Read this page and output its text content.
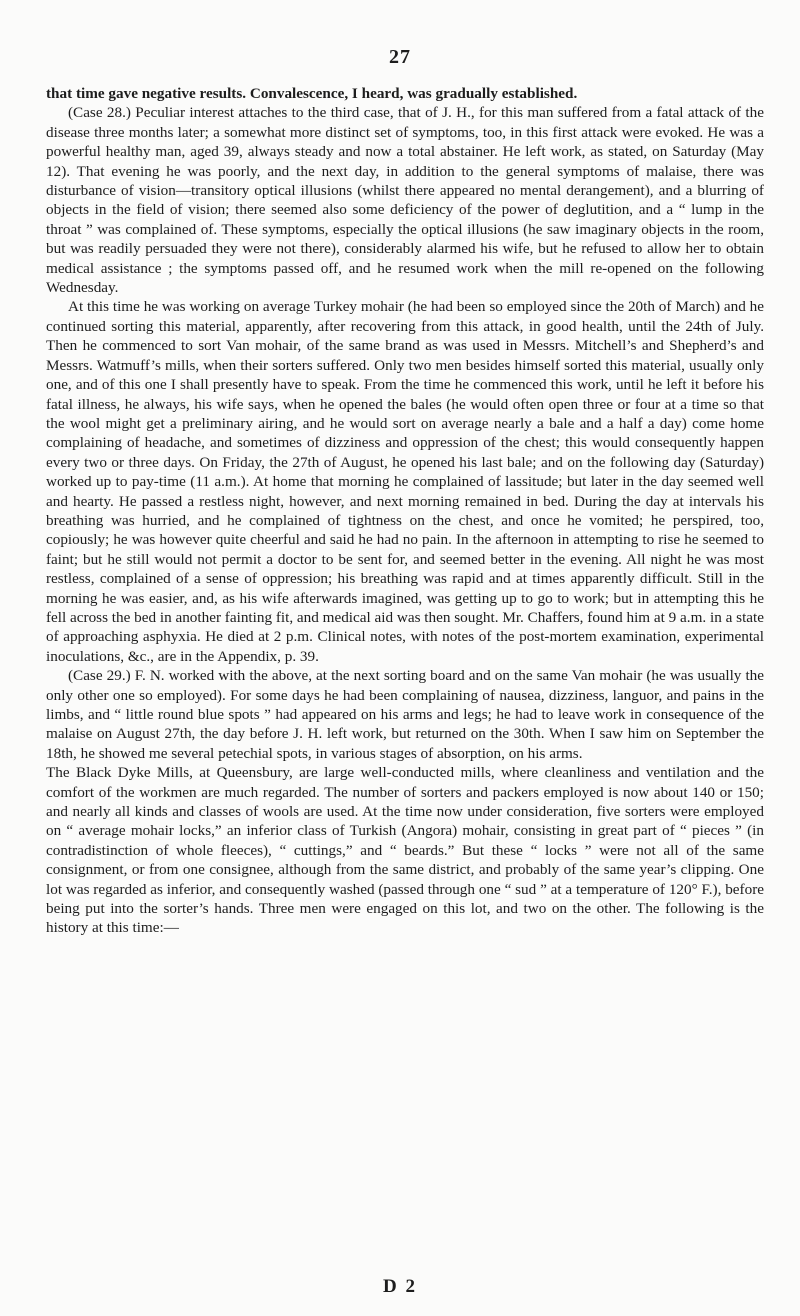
27

that time gave negative results. Convalescence, I heard, was gradually established.

(Case 28.) Peculiar interest attaches to the third case, that of J. H., for this man suffered from a fatal attack of the disease three months later; a somewhat more distinct set of symptoms, too, in this first attack were evoked. He was a powerful healthy man, aged 39, always steady and now a total abstainer. He left work, as stated, on Saturday (May 12). That evening he was poorly, and the next day, in addition to the general symptoms of malaise, there was disturbance of vision—transitory optical illusions (whilst there appeared no mental derangement), and a blurring of objects in the field of vision; there seemed also some deficiency of the power of deglutition, and a “ lump in the throat ” was complained of. These symptoms, especially the optical illusions (he saw imaginary objects in the room, but was readily persuaded they were not there), considerably alarmed his wife, but he refused to allow her to obtain medical assistance ; the symptoms passed off, and he resumed work when the mill re-opened on the following Wednesday.

At this time he was working on average Turkey mohair (he had been so employed since the 20th of March) and he continued sorting this material, apparently, after recovering from this attack, in good health, until the 24th of July. Then he commenced to sort Van mohair, of the same brand as was used in Messrs. Mitchell’s and Shepherd’s and Messrs. Watmuff’s mills, when their sorters suffered. Only two men besides himself sorted this material, usually only one, and of this one I shall presently have to speak. From the time he commenced this work, until he left it before his fatal illness, he always, his wife says, when he opened the bales (he would often open three or four at a time so that the wool might get a preliminary airing, and he would sort on average nearly a bale and a half a day) come home complaining of headache, and sometimes of dizziness and oppression of the chest; this would consequently happen every two or three days. On Friday, the 27th of August, he opened his last bale; and on the following day (Saturday) worked up to pay-time (11 a.m.). At home that morning he complained of lassitude; but later in the day seemed well and hearty. He passed a restless night, however, and next morning remained in bed. During the day at intervals his breathing was hurried, and he complained of tightness on the chest, and once he vomited; he perspired, too, copiously; he was however quite cheerful and said he had no pain. In the afternoon in attempting to rise he seemed to faint; but he still would not permit a doctor to be sent for, and seemed better in the evening. All night he was most restless, complained of a sense of oppression; his breathing was rapid and at times apparently difficult. Still in the morning he was easier, and, as his wife afterwards imagined, was getting up to go to work; but in attempting this he fell across the bed in another fainting fit, and medical aid was then sought. Mr. Chaffers, found him at 9 a.m. in a state of approaching asphyxia. He died at 2 p.m. Clinical notes, with notes of the post-mortem examination, experimental inoculations, &c., are in the Appendix, p. 39.

(Case 29.) F. N. worked with the above, at the next sorting board and on the same Van mohair (he was usually the only other one so employed). For some days he had been complaining of nausea, dizziness, languor, and pains in the limbs, and “ little round blue spots ” had appeared on his arms and legs; he had to leave work in consequence of the malaise on August 27th, the day before J. H. left work, but returned on the 30th. When I saw him on September the 18th, he showed me several petechial spots, in various stages of absorption, on his arms.

The Black Dyke Mills, at Queensbury, are large well-conducted mills, where cleanliness and ventilation and the comfort of the workmen are much regarded. The number of sorters and packers employed is now about 140 or 150; and nearly all kinds and classes of wools are used. At the time now under consideration, five sorters were employed on “ average mohair locks,” an inferior class of Turkish (Angora) mohair, consisting in great part of “ pieces ” (in contradistinction of whole fleeces), “ cuttings,” and “ beards.” But these “ locks ” were not all of the same consignment, or from one consignee, although from the same district, and probably of the same year’s clipping. One lot was regarded as inferior, and consequently washed (passed through one “ sud ” at a temperature of 120° F.), before being put into the sorter’s hands. Three men were engaged on this lot, and two on the other. The following is the history at this time:—

D 2
